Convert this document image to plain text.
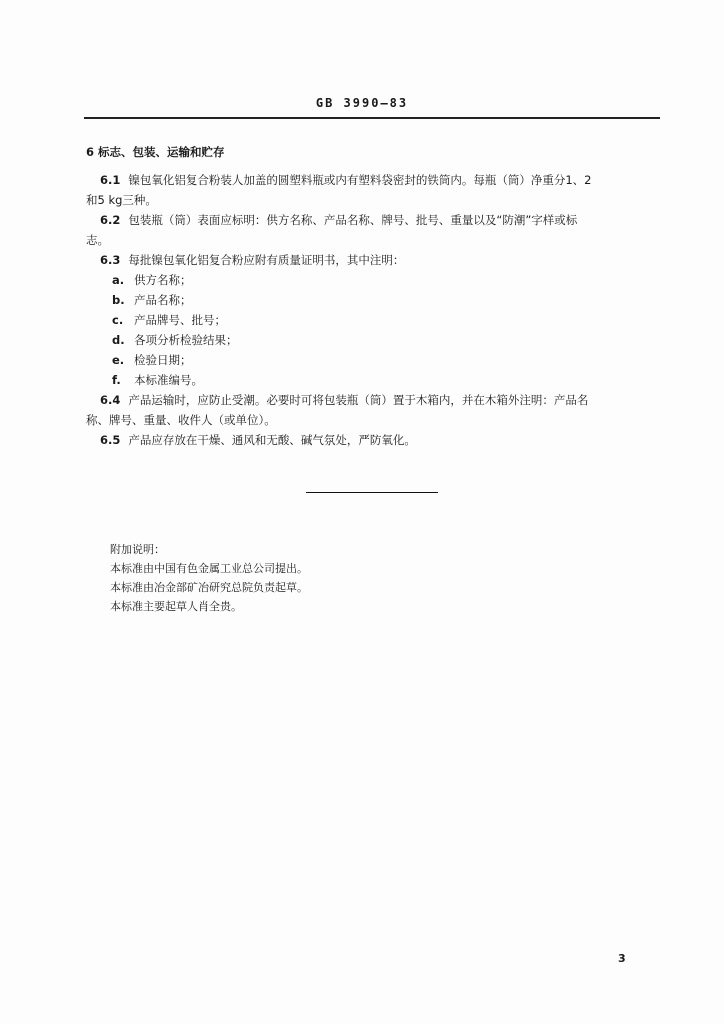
GB 3990—83

6 标志、包装、运输和贮存

6.1 镍包氧化铝复合粉装人加盖的圆塑料瓶或内有塑料袋密封的铁筒内。每瓶（筒）净重分1、2

和5 kg三种。

6.2 包装瓶（筒）表面应标明：供方名称、产品名称、牌号、批号、重量以及“防潮”字样或标

志。

6.3 每批镍包氧化铝复合粉应附有质量证明书，其中注明：

a. 供方名称；
b. 产品名称；
c. 产品牌号、批号；
d. 各项分析检验结果；
e. 检验日期；
f.	本标准编号。

6.4 产品运输时，应防止受潮。必要时可将包装瓶（筒）置于木箱内，并在木箱外注明：产品名

称、牌号、重量、收件人（或单位）。

6.5 产品应存放在干燥、通风和无酸、碱气氛处，严防氧化。

附加说明：

本标准由中国有色金属工业总公司提出。

本标准由冶金部矿冶研究总院负责起草。

本标准主要起草人肖全贵。

3
